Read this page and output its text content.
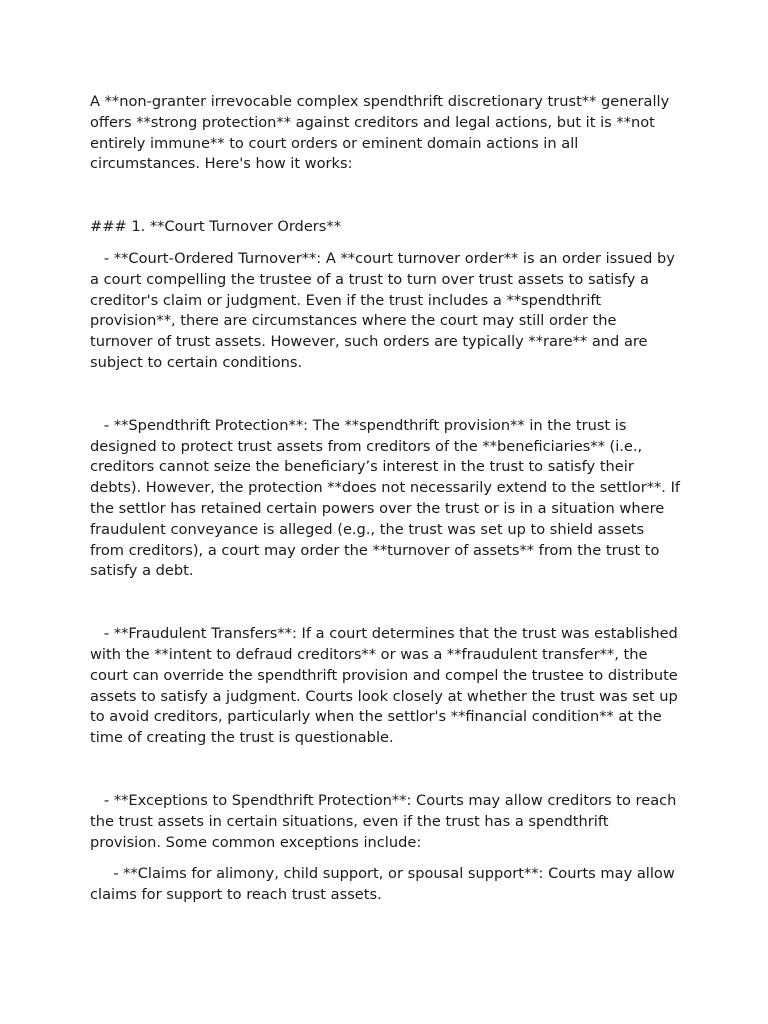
A **non-granter irrevocable complex spendthrift discretionary trust** generally offers **strong protection** against creditors and legal actions, but it is **not entirely immune** to court orders or eminent domain actions in all circumstances. Here's how it works:

### 1. **Court Turnover Orders**

- **Court-Ordered Turnover**: A **court turnover order** is an order issued by a court compelling the trustee of a trust to turn over trust assets to satisfy a creditor's claim or judgment. Even if the trust includes a **spendthrift provision**, there are circumstances where the court may still order the turnover of trust assets. However, such orders are typically **rare** and are subject to certain conditions.

- **Spendthrift Protection**: The **spendthrift provision** in the trust is designed to protect trust assets from creditors of the **beneficiaries** (i.e., creditors cannot seize the beneficiary’s interest in the trust to satisfy their debts). However, the protection **does not necessarily extend to the settlor**. If the settlor has retained certain powers over the trust or is in a situation where fraudulent conveyance is alleged (e.g., the trust was set up to shield assets from creditors), a court may order the **turnover of assets** from the trust to satisfy a debt.

- **Fraudulent Transfers**: If a court determines that the trust was established with the **intent to defraud creditors** or was a **fraudulent transfer**, the court can override the spendthrift provision and compel the trustee to distribute assets to satisfy a judgment. Courts look closely at whether the trust was set up to avoid creditors, particularly when the settlor's **financial condition** at the time of creating the trust is questionable.

- **Exceptions to Spendthrift Protection**: Courts may allow creditors to reach the trust assets in certain situations, even if the trust has a spendthrift provision. Some common exceptions include:

- **Claims for alimony, child support, or spousal support**: Courts may allow claims for support to reach trust assets.
